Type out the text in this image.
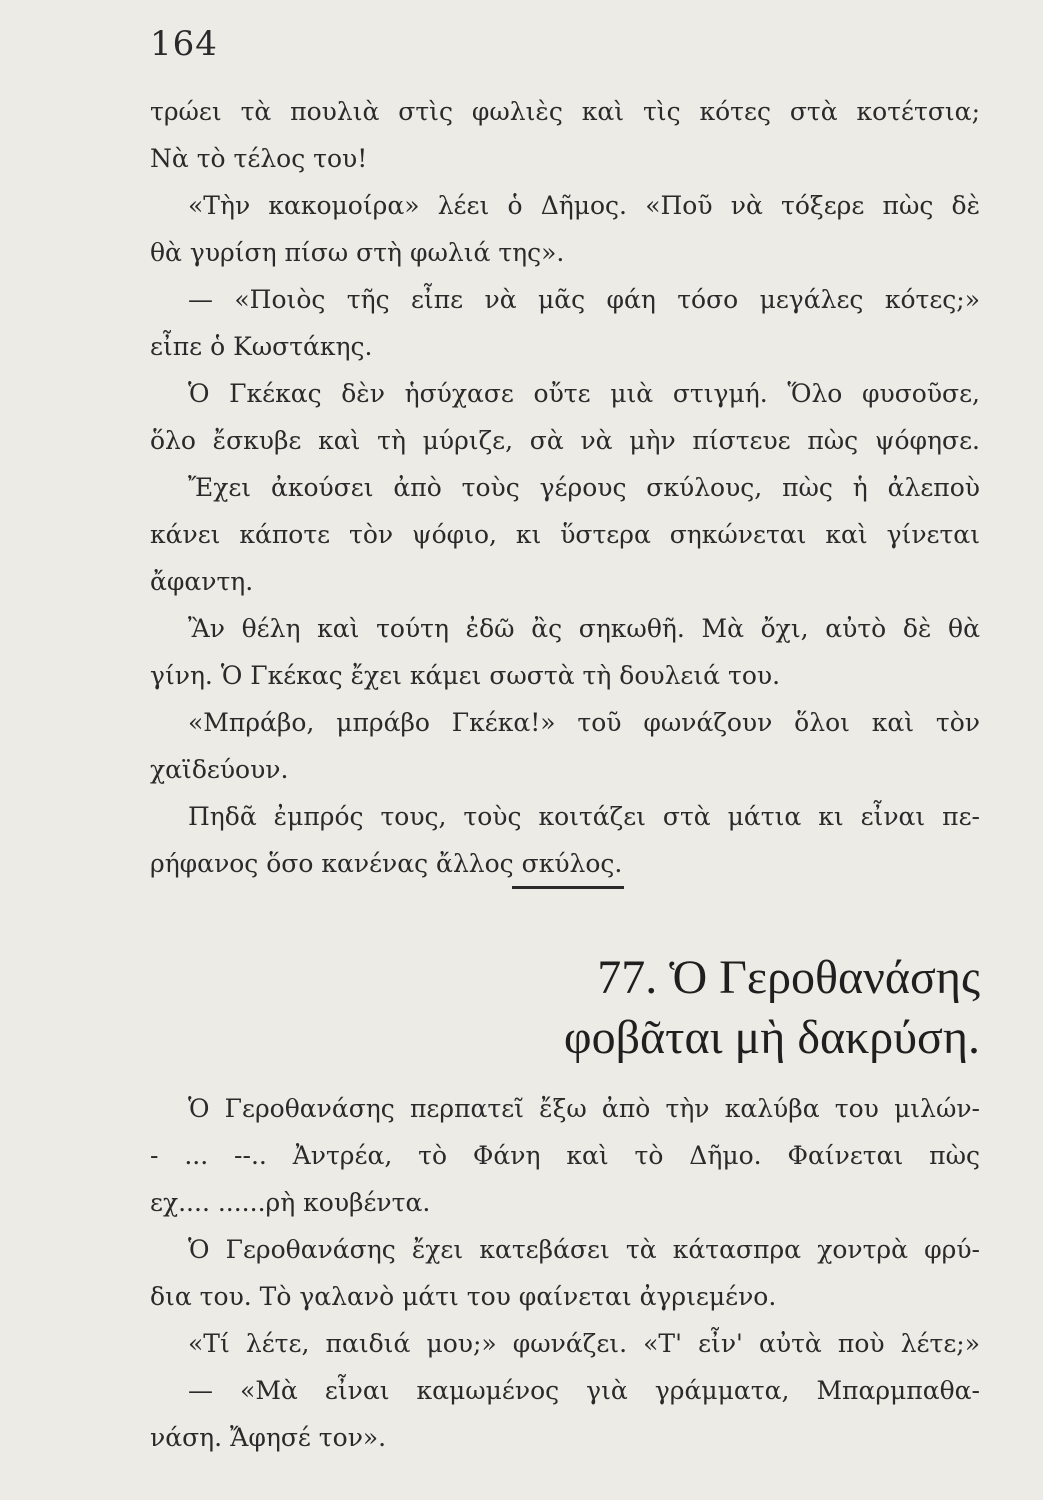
164
τρώει τὰ πουλιὰ στὶς φωλιὲς καὶ τὶς κότες στὰ κοτέτσια;
Νὰ τὸ τέλος του!
«Τὴν κακομοίρα» λέει ὁ Δῆμος. «Ποῦ νὰ τόξερε πὼς δὲ
θὰ γυρίση πίσω στὴ φωλιά της».
— «Ποιὸς τῆς εἶπε νὰ μᾶς φάη τόσο μεγάλες κότες;»
εἶπε ὁ Κωστάκης.
Ὁ Γκέκας δὲν ἡσύχασε οὔτε μιὰ στιγμή. Ὅλο φυσοῦσε,
ὅλο ἔσκυβε καὶ τὴ μύριζε, σὰ νὰ μὴν πίστευε πὼς ψόφησε.
Ἔχει ἀκούσει ἀπὸ τοὺς γέρους σκύλους, πὼς ἡ ἀλεποὺ
κάνει κάποτε τὸν ψόφιο, κι ὕστερα σηκώνεται καὶ γίνεται
ἄφαντη.
Ἂν θέλη καὶ τούτη ἐδῶ ἂς σηκωθῆ. Μὰ ὄχι, αὐτὸ δὲ θὰ
γίνη. Ὁ Γκέκας ἔχει κάμει σωστὰ τὴ δουλειά του.
«Μπράβο, μπράβο Γκέκα!» τοῦ φωνάζουν ὅλοι καὶ τὸν
χαϊδεύουν.
Πηδᾶ ἐμπρός τους, τοὺς κοιτάζει στὰ μάτια κι εἶναι πε-
ρήφανος ὅσο κανένας ἄλλος σκύλος.
77. Ὁ Γεροθανάσης
φοβᾶται μὴ δακρύση.
Ὁ Γεροθανάσης περπατεῖ ἔξω ἀπὸ τὴν καλύβα του μιλών-
- ... --.. Ἀντρέα, τὸ Φάνη καὶ τὸ Δῆμο. Φαίνεται πὼς
εχ.... ......ρὴ κουβέντα.
Ὁ Γεροθανάσης ἔχει κατεβάσει τὰ κάτασπρα χοντρὰ φρύ-
δια του. Τὸ γαλανὸ μάτι του φαίνεται ἀγριεμένο.
«Τί λέτε, παιδιά μου;» φωνάζει. «Τ' εἶν' αὐτὰ ποὺ λέτε;»
— «Μὰ εἶναι καμωμένος γιὰ γράμματα, Μπαρμπαθα-
νάση. Ἄφησέ τον».
